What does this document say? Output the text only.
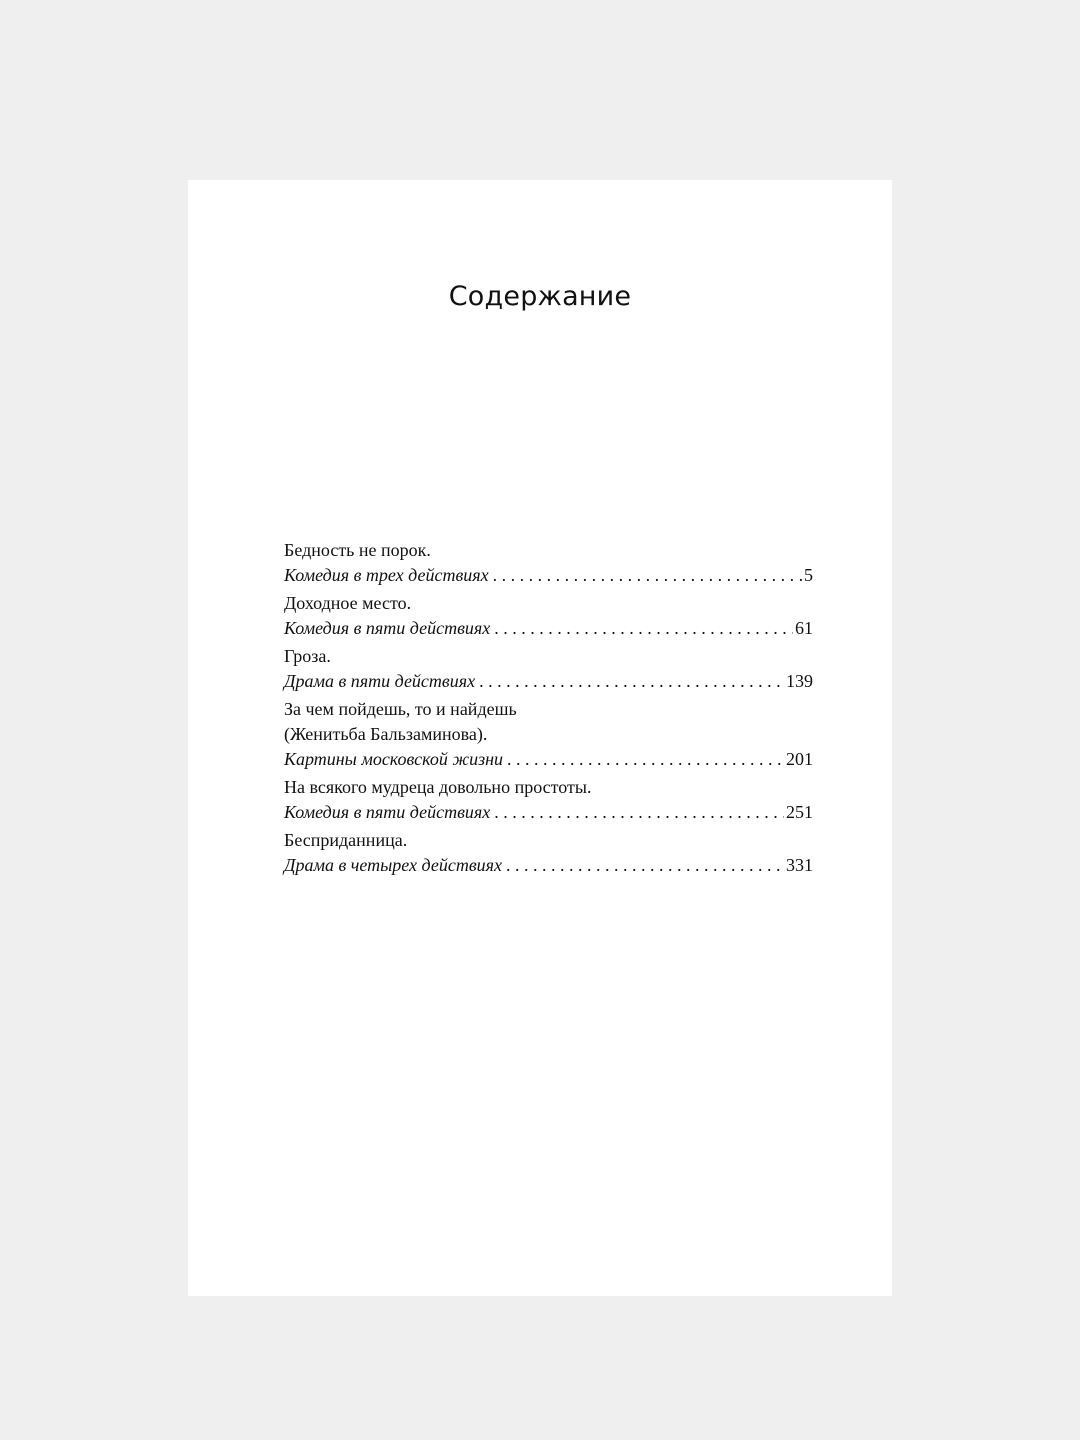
Содержание
Бедность не порок.
Комедия в трех действиях . . .	5
Доходное место.
Комедия в пяти действиях . . .	61
Гроза.
Драма в пяти действиях . . .	139
За чем пойдешь, то и найдешь
(Женитьба Бальзаминова).
Картины московской жизни . . .	201
На всякого мудреца довольно простоты.
Комедия в пяти действиях . . .	251
Бесприданница.
Драма в четырех действиях . . .	331
